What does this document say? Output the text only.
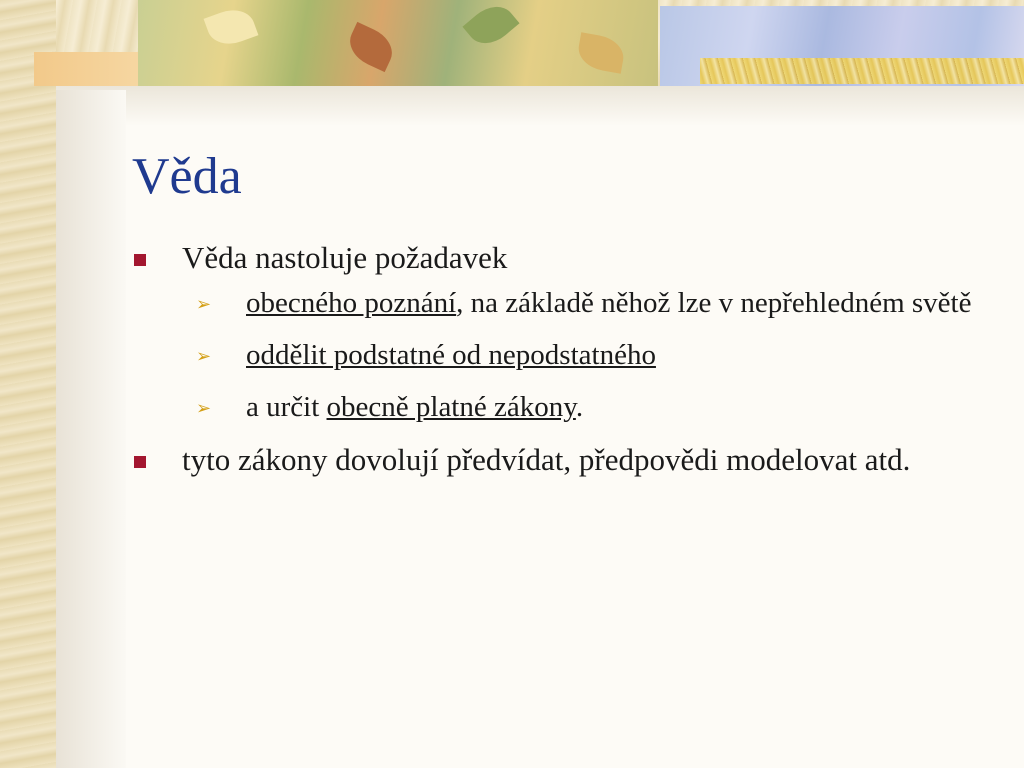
Věda
Věda nastoluje požadavek
➢ obecného poznání, na základě něhož lze v nepřehledném světě
➢ oddělit podstatné od nepodstatného
➢ a určit obecně platné zákony.
tyto zákony dovolují předvídat, předpovědi modelovat atd.
